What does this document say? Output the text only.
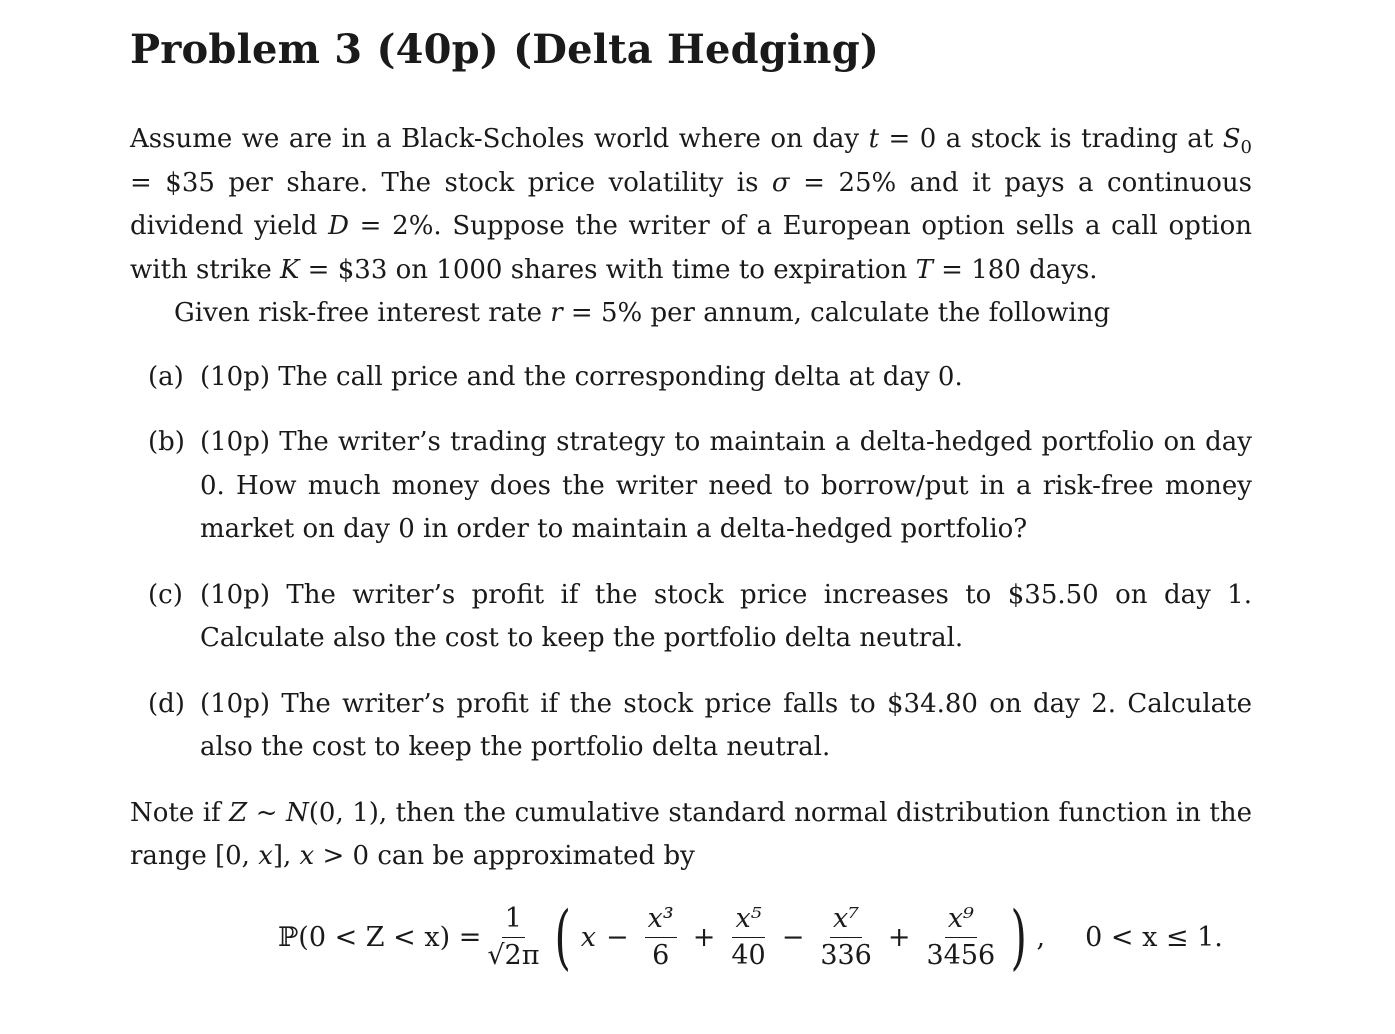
Problem 3 (40p) (Delta Hedging)
Assume we are in a Black-Scholes world where on day t = 0 a stock is trading at $S_0$ = $35 per share. The stock price volatility is σ = 25% and it pays a continuous dividend yield D = 2%. Suppose the writer of a European option sells a call option with strike K = $33 on 1000 shares with time to expiration T = 180 days.
Given risk-free interest rate r = 5% per annum, calculate the following
(a) (10p) The call price and the corresponding delta at day 0.
(b) (10p) The writer’s trading strategy to maintain a delta-hedged portfolio on day 0. How much money does the writer need to borrow/put in a risk-free money market on day 0 in order to maintain a delta-hedged portfolio?
(c) (10p) The writer’s profit if the stock price increases to $35.50 on day 1. Calculate also the cost to keep the portfolio delta neutral.
(d) (10p) The writer’s profit if the stock price falls to $34.80 on day 2. Calculate also the cost to keep the portfolio delta neutral.
Note if Z ~ N(0, 1), then the cumulative standard normal distribution function in the range [0, x], x > 0 can be approximated by
ℙ(0 < $Z < x) = \frac{1}{√2\pi}$ ( $x - \frac{\text{x³}}{6} + \frac{\text{x⁵}}{40} - \frac{\text{x⁷}}{336} + \frac{\text{x⁹}}{3456}$ ) , 0 < x ≤ 1.
